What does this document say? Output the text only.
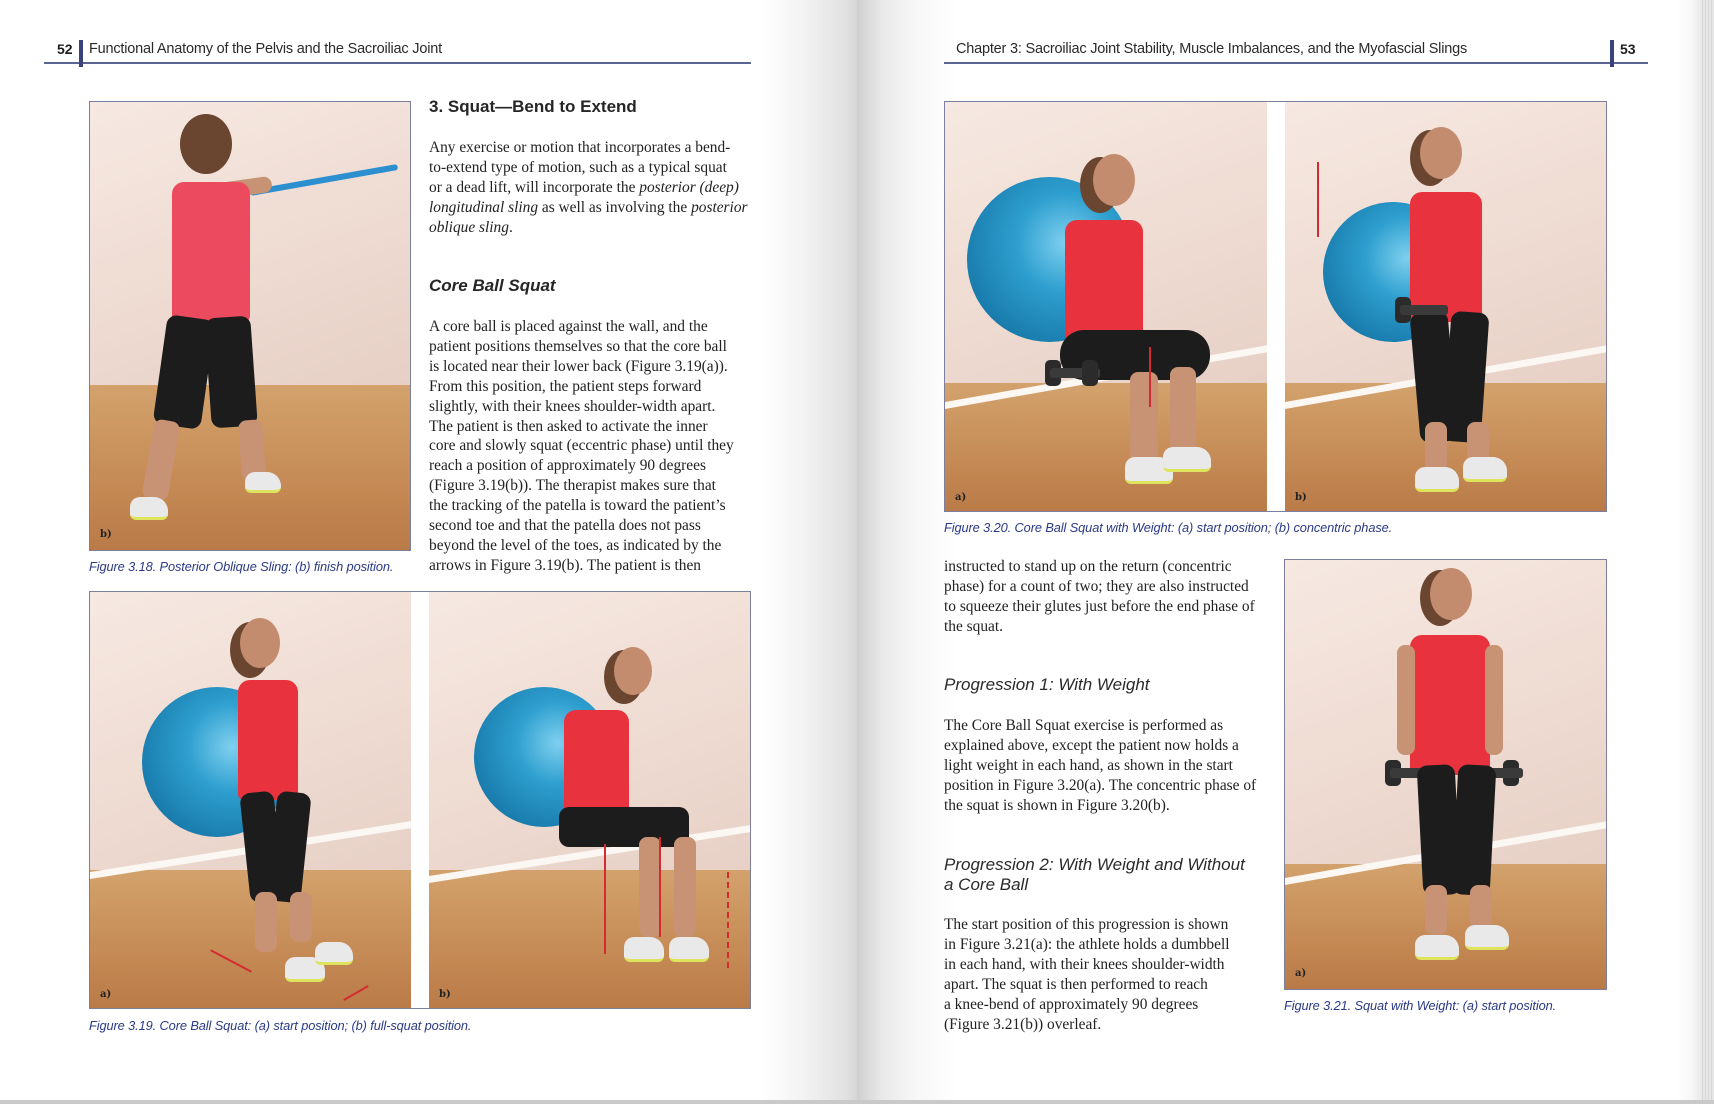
52 Functional Anatomy of the Pelvis and the Sacroiliac Joint
b)
Figure 3.18. Posterior Oblique Sling: (b) finish position.
3. Squat—Bend to Extend
Any exercise or motion that incorporates a bend-
to-extend type of motion, such as a typical squat
or a dead lift, will incorporate the posterior (deep)
longitudinal sling as well as involving the posterior
oblique sling.
Core Ball Squat
A core ball is placed against the wall, and the
patient positions themselves so that the core ball
is located near their lower back (Figure 3.19(a)).
From this position, the patient steps forward
slightly, with their knees shoulder-width apart.
The patient is then asked to activate the inner
core and slowly squat (eccentric phase) until they
reach a position of approximately 90 degrees
(Figure 3.19(b)). The therapist makes sure that
the tracking of the patella is toward the patient’s
second toe and that the patella does not pass
beyond the level of the toes, as indicated by the
arrows in Figure 3.19(b). The patient is then
a)	b)
Figure 3.19. Core Ball Squat: (a) start position; (b) full-squat position.
Chapter 3: Sacroiliac Joint Stability, Muscle Imbalances, and the Myofascial Slings	53
a)	b)
Figure 3.20. Core Ball Squat with Weight: (a) start position; (b) concentric phase.
instructed to stand up on the return (concentric
phase) for a count of two; they are also instructed
to squeeze their glutes just before the end phase of
the squat.
Progression 1: With Weight
The Core Ball Squat exercise is performed as
explained above, except the patient now holds a
light weight in each hand, as shown in the start
position in Figure 3.20(a). The concentric phase of
the squat is shown in Figure 3.20(b).
Progression 2: With Weight and Without
a Core Ball
The start position of this progression is shown
in Figure 3.21(a): the athlete holds a dumbbell
in each hand, with their knees shoulder-width
apart. The squat is then performed to reach
a knee-bend of approximately 90 degrees
(Figure 3.21(b)) overleaf.
a)
Figure 3.21. Squat with Weight: (a) start position.
